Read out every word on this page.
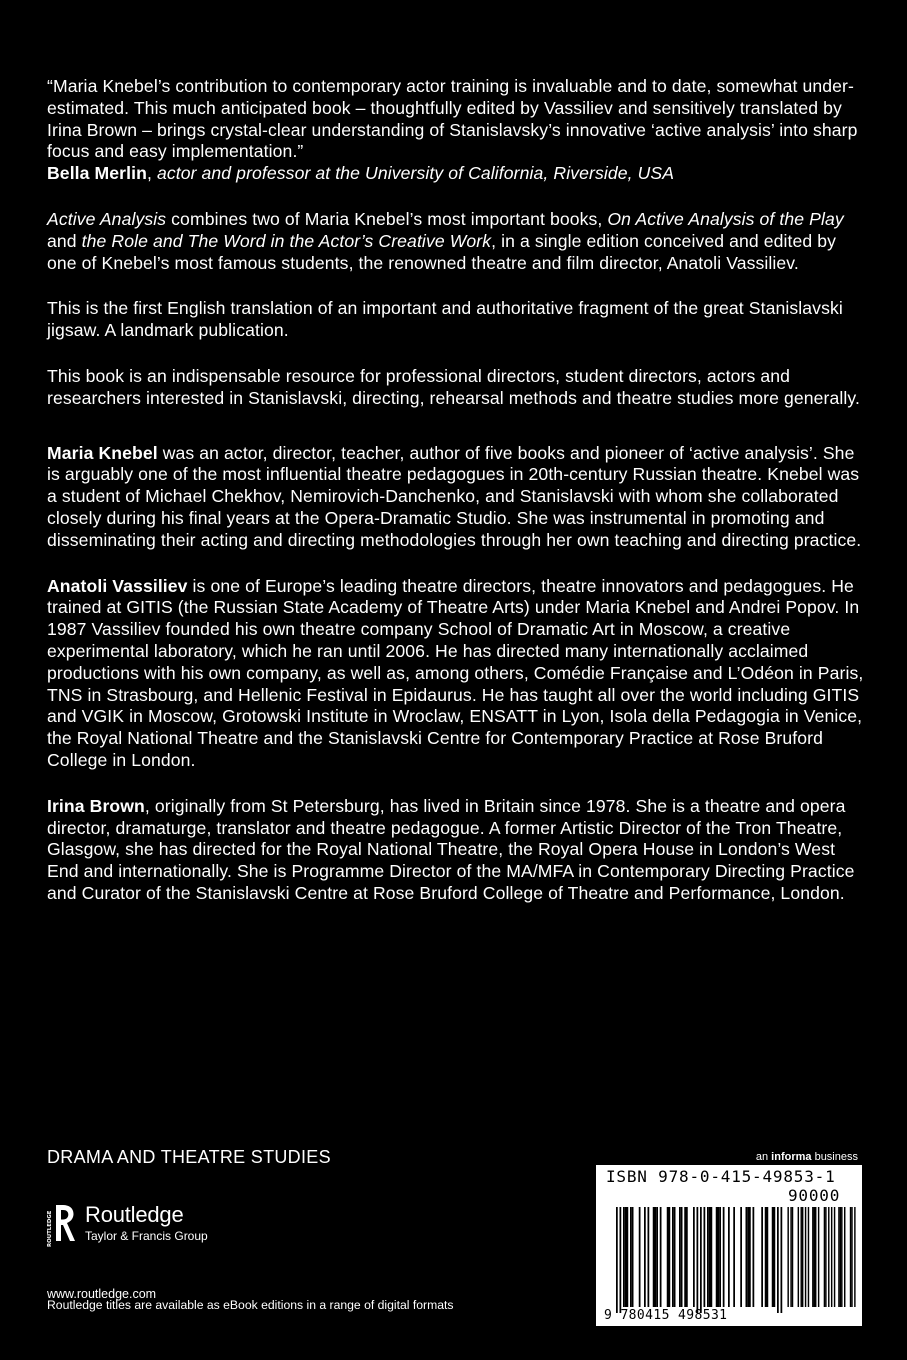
“Maria Knebel’s contribution to contemporary actor training is invaluable and to date, somewhat under-estimated. This much anticipated book – thoughtfully edited by Vassiliev and sensitively translated by Irina Brown – brings crystal-clear understanding of Stanislavsky’s innovative ‘active analysis’ into sharp focus and easy implementation.”

Bella Merlin, actor and professor at the University of California, Riverside, USA

Active Analysis combines two of Maria Knebel’s most important books, On Active Analysis of the Play and the Role and The Word in the Actor’s Creative Work, in a single edition conceived and edited by one of Knebel’s most famous students, the renowned theatre and film director, Anatoli Vassiliev.

This is the first English translation of an important and authoritative fragment of the great Stanislavski jigsaw. A landmark publication.

This book is an indispensable resource for professional directors, student directors, actors and researchers interested in Stanislavski, directing, rehearsal methods and theatre studies more generally.

Maria Knebel was an actor, director, teacher, author of five books and pioneer of ‘active analysis’. She is arguably one of the most influential theatre pedagogues in 20th-century Russian theatre. Knebel was a student of Michael Chekhov, Nemirovich-Danchenko, and Stanislavski with whom she collaborated closely during his final years at the Opera-Dramatic Studio. She was instrumental in promoting and disseminating their acting and directing methodologies through her own teaching and directing practice.

Anatoli Vassiliev is one of Europe’s leading theatre directors, theatre innovators and pedagogues. He trained at GITIS (the Russian State Academy of Theatre Arts) under Maria Knebel and Andrei Popov. In 1987 Vassiliev founded his own theatre company School of Dramatic Art in Moscow, a creative experimental laboratory, which he ran until 2006. He has directed many internationally acclaimed productions with his own company, as well as, among others, Comédie Française and L’Odéon in Paris, TNS in Strasbourg, and Hellenic Festival in Epidaurus. He has taught all over the world including GITIS and VGIK in Moscow, Grotowski Institute in Wroclaw, ENSATT in Lyon, Isola della Pedagogia in Venice, the Royal National Theatre and the Stanislavski Centre for Contemporary Practice at Rose Bruford College in London.

Irina Brown, originally from St Petersburg, has lived in Britain since 1978. She is a theatre and opera director, dramaturge, translator and theatre pedagogue. A former Artistic Director of the Tron Theatre, Glasgow, she has directed for the Royal National Theatre, the Royal Opera House in London’s West End and internationally. She is Programme Director of the MA/MFA in Contemporary Directing Practice and Curator of the Stanislavski Centre at Rose Bruford College of Theatre and Performance, London.

DRAMA AND THEATRE STUDIES
ROUTLEDGE Routledge
Taylor & Francis Group
www.routledge.com
Routledge titles are available as eBook editions in a range of digital formats
an informa business
ISBN 978-0-415-49853-1
90000
9 780415 498531
